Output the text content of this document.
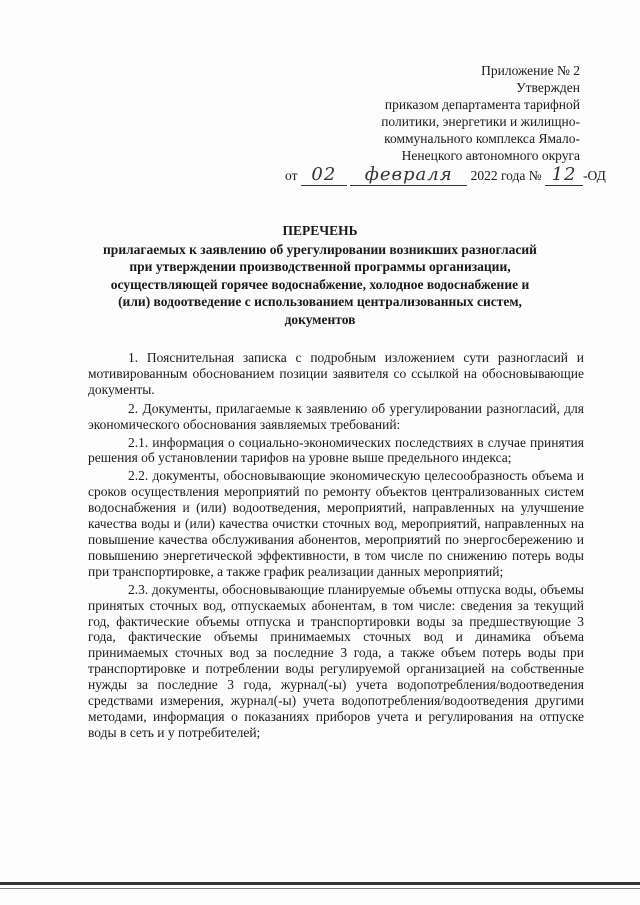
Приложение № 2
Утвержден
приказом департамента тарифной
политики, энергетики и жилищно-
коммунального комплекса Ямало-
Ненецкого автономного округа
от 02 февраля 2022 года № 12 -ОД
ПЕРЕЧЕНЬ
прилагаемых к заявлению об урегулировании возникших разногласий
при утверждении производственной программы организации,
осуществляющей горячее водоснабжение, холодное водоснабжение и
(или) водоотведение с использованием централизованных систем,
документов

1. Пояснительная записка с подробным изложением сути разногласий и мотивированным обоснованием позиции заявителя со ссылкой на обосновывающие документы.

2. Документы, прилагаемые к заявлению об урегулировании разногласий, для экономического обоснования заявляемых требований:

2.1. информация о социально-экономических последствиях в случае принятия решения об установлении тарифов на уровне выше предельного индекса;

2.2. документы, обосновывающие экономическую целесообразность объема и сроков осуществления мероприятий по ремонту объектов централизованных систем водоснабжения и (или) водоотведения, мероприятий, направленных на улучшение качества воды и (или) качества очистки сточных вод, мероприятий, направленных на повышение качества обслуживания абонентов, мероприятий по энергосбережению и повышению энергетической эффективности, в том числе по снижению потерь воды при транспортировке, а также график реализации данных мероприятий;

2.3. документы, обосновывающие планируемые объемы отпуска воды, объемы принятых сточных вод, отпускаемых абонентам, в том числе: сведения за текущий год, фактические объемы отпуска и транспортировки воды за предшествующие 3 года, фактические объемы принимаемых сточных вод и динамика объема принимаемых сточных вод за последние 3 года, а также объем потерь воды при транспортировке и потреблении воды регулируемой организацией на собственные нужды за последние 3 года, журнал(-ы) учета водопотребления/водоотведения средствами измерения, журнал(-ы) учета водопотребления/водоотведения другими методами, информация о показаниях приборов учета и регулирования на отпуске воды в сеть и у потребителей;
